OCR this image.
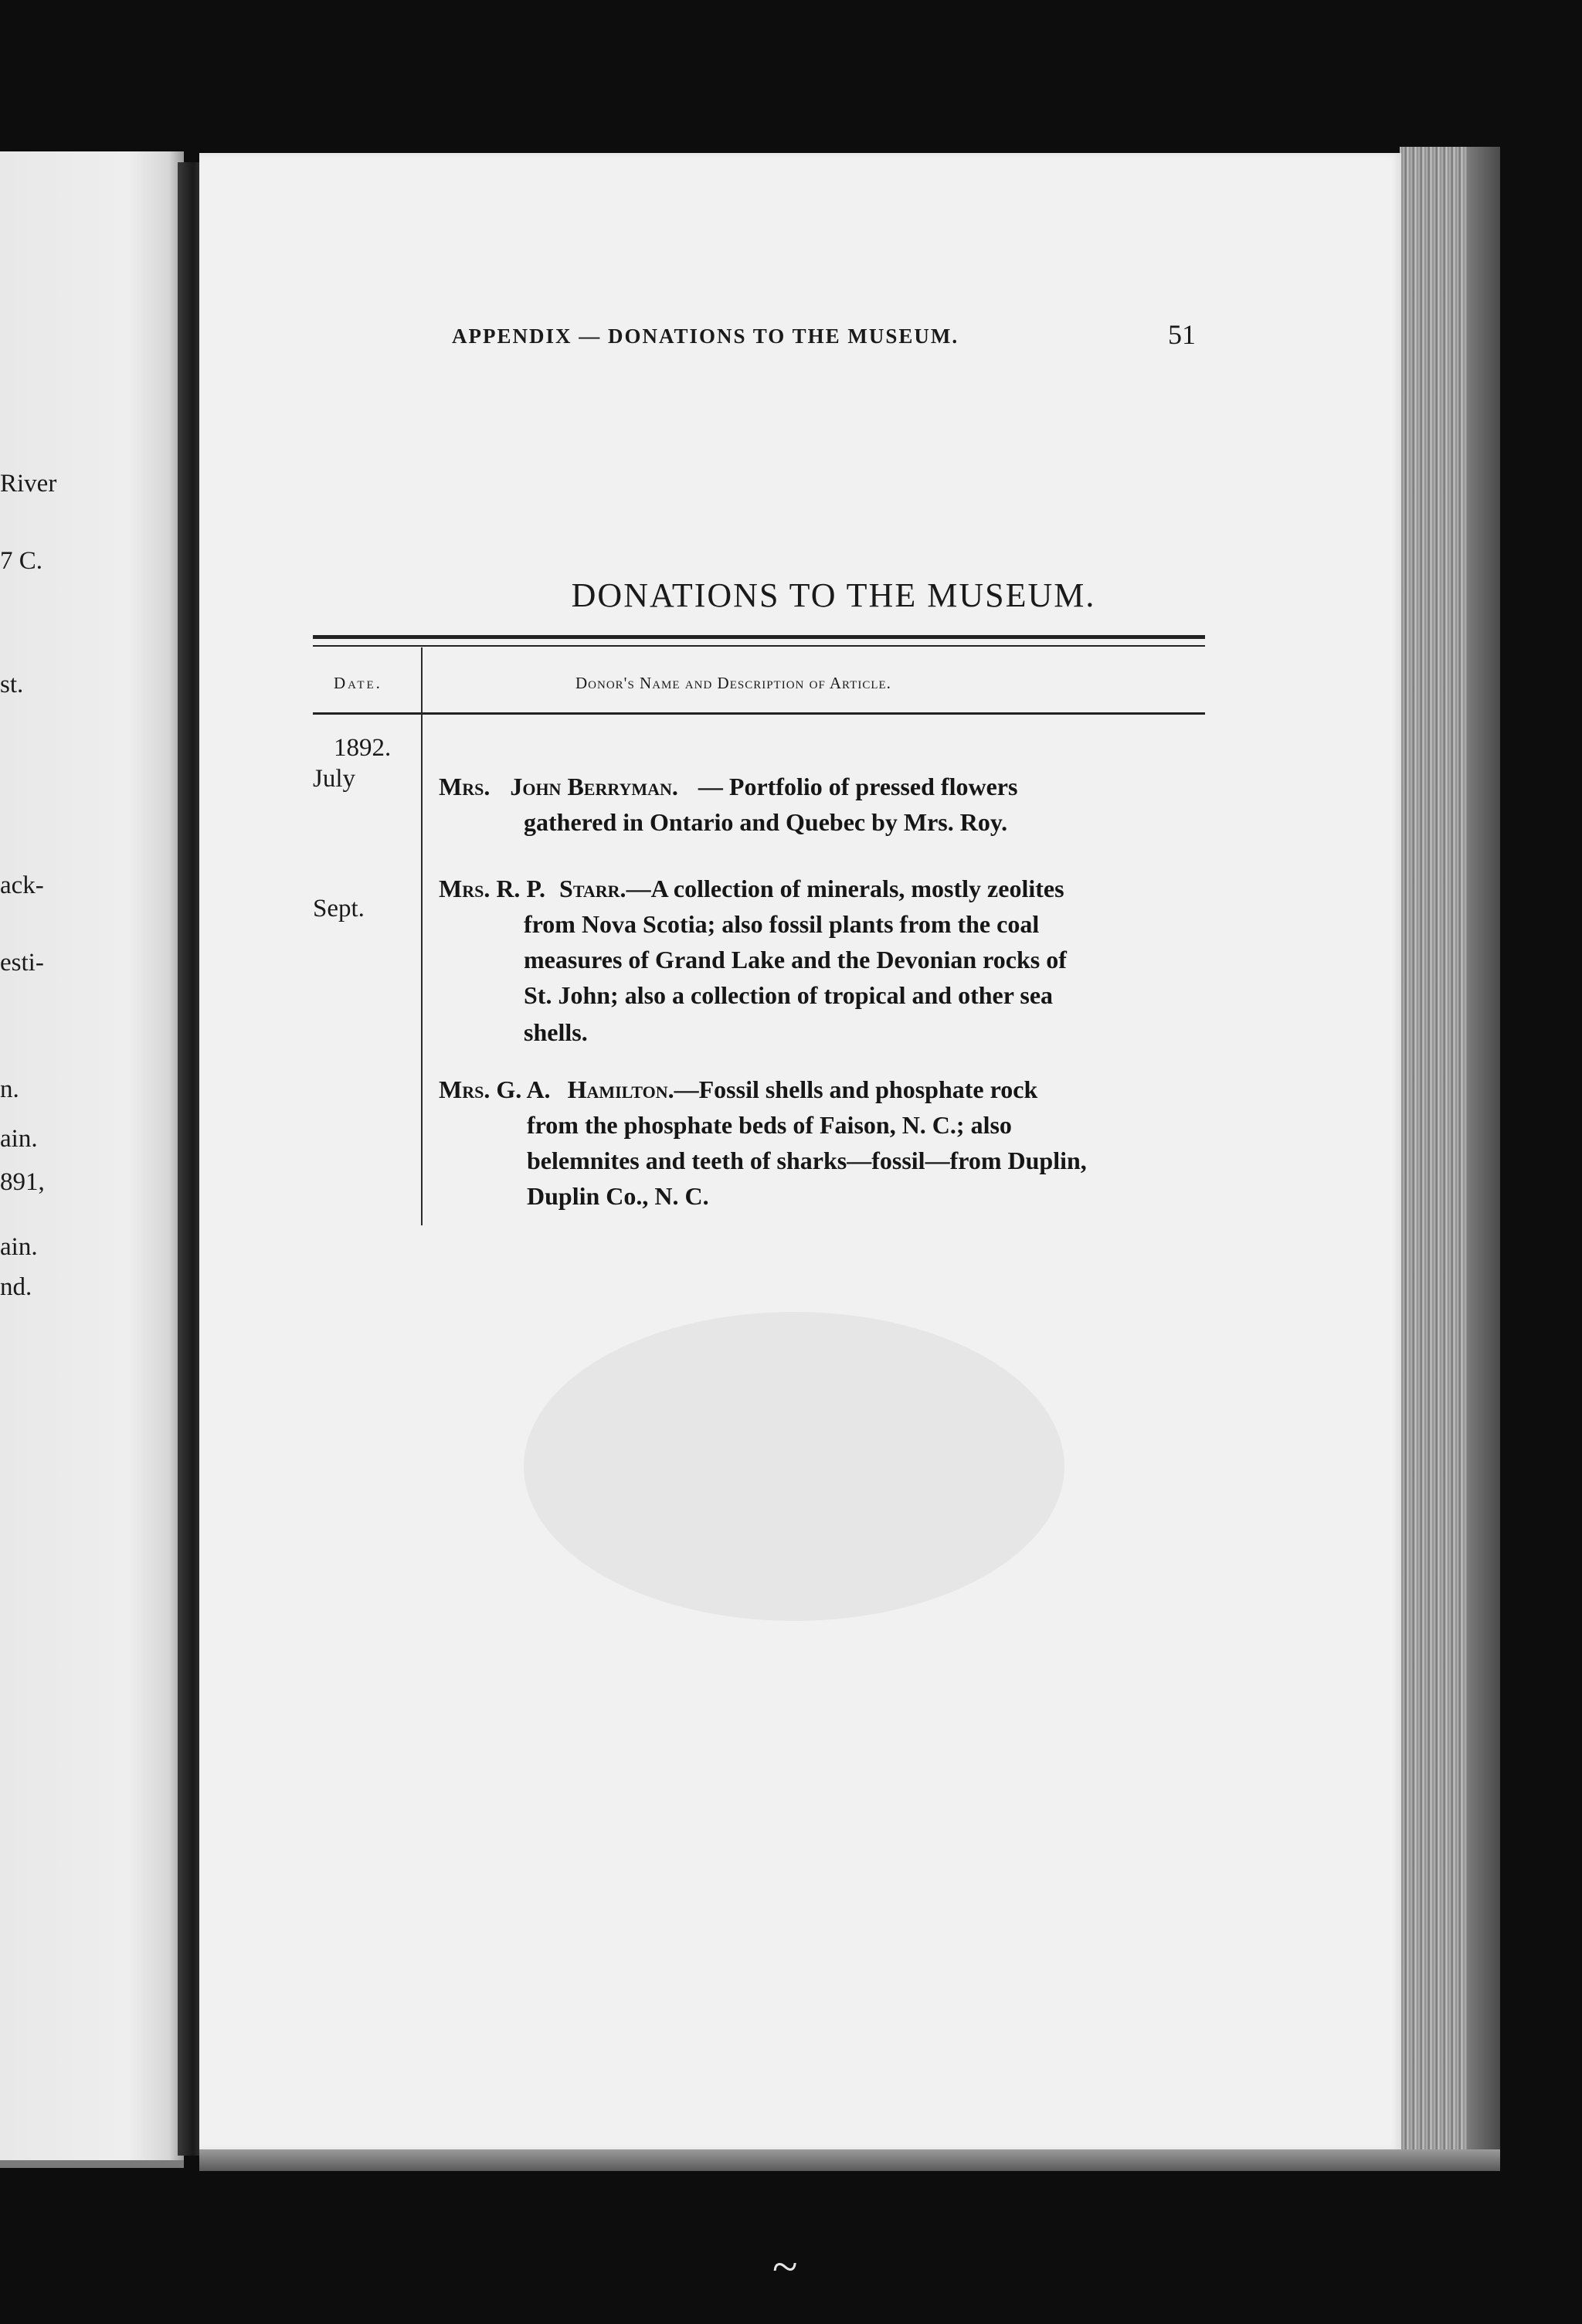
River
7 C.
st.
ack-
esti-
n.
ain.
891,
ain.
nd.
APPENDIX — DONATIONS TO THE MUSEUM.	51
DONATIONS TO THE MUSEUM.
Date.	Donor's Name and Description of Article.
1892.
July
Sept.
Mrs. John Berryman. — Portfolio of pressed flowers
gathered in Ontario and Quebec by Mrs. Roy.
Mrs. R. P. Starr.—A collection of minerals, mostly zeolites
from Nova Scotia; also fossil plants from the coal
measures of Grand Lake and the Devonian rocks of
St. John; also a collection of tropical and other sea
shells.
Mrs. G. A. Hamilton.—Fossil shells and phosphate rock
from the phosphate beds of Faison, N. C.; also
belemnites and teeth of sharks—fossil—from Duplin,
Duplin Co., N. C.
~
